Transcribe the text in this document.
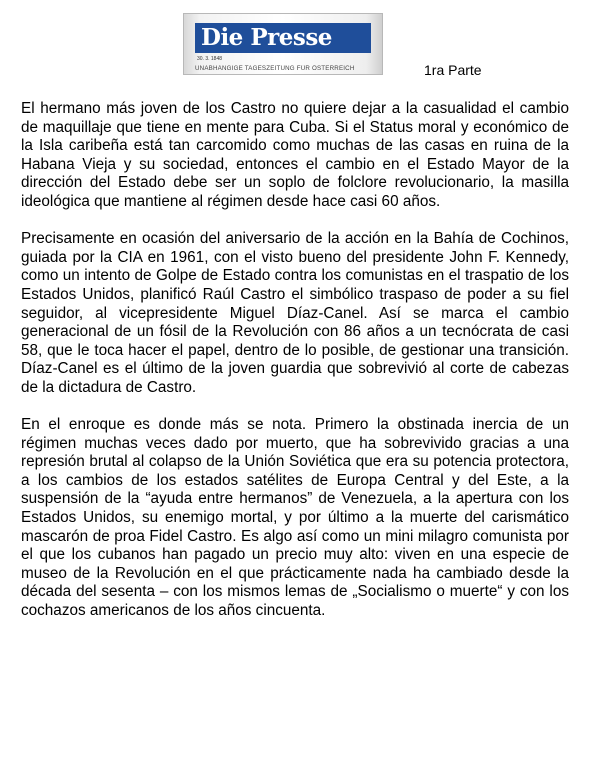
Die Presse
30. 3. 1848
UNABHÄNGIGE TAGESZEITUNG FÜR ÖSTERREICH	1ra Parte

El hermano más joven de los Castro no quiere dejar a la casualidad el cambio de maquillaje que tiene en mente para Cuba. Si el Status moral y económico de la Isla caribeña está tan carcomido como muchas de las casas en ruina de la Habana Vieja y su sociedad, entonces el cambio en el Estado Mayor de la dirección del Estado debe ser un soplo de folclore revolucionario, la masilla ideológica que mantiene al régimen desde hace casi 60 años.

Precisamente en ocasión del aniversario de la acción en la Bahía de Cochinos, guiada por la CIA en 1961, con el visto bueno del presidente John F. Kennedy, como un intento de Golpe de Estado contra los comunistas en el traspatio de los Estados Unidos, planificó Raúl Castro el simbólico traspaso de poder a su fiel seguidor, al vicepresidente Miguel Díaz-Canel. Así se marca el cambio generacional de un fósil de la Revolución con 86 años a un tecnócrata de casi 58, que le toca hacer el papel, dentro de lo posible, de gestionar una transición. Díaz-Canel es el último de la joven guardia que sobrevivió al corte de cabezas de la dictadura de Castro.

En el enroque es donde más se nota. Primero la obstinada inercia de un régimen muchas veces dado por muerto, que ha sobrevivido gracias a una represión brutal al colapso de la Unión Soviética que era su potencia protectora, a los cambios de los estados satélites de Europa Central y del Este, a la suspensión de la “ayuda entre hermanos” de Venezuela, a la apertura con los Estados Unidos, su enemigo mortal, y por último a la muerte del carismático mascarón de proa Fidel Castro. Es algo así como un mini milagro comunista por el que los cubanos han pagado un precio muy alto: viven en una especie de museo de la Revolución en el que prácticamente nada ha cambiado desde la década del sesenta – con los mismos lemas de „Socialismo o muerte“ y con los cochazos americanos de los años cincuenta.
